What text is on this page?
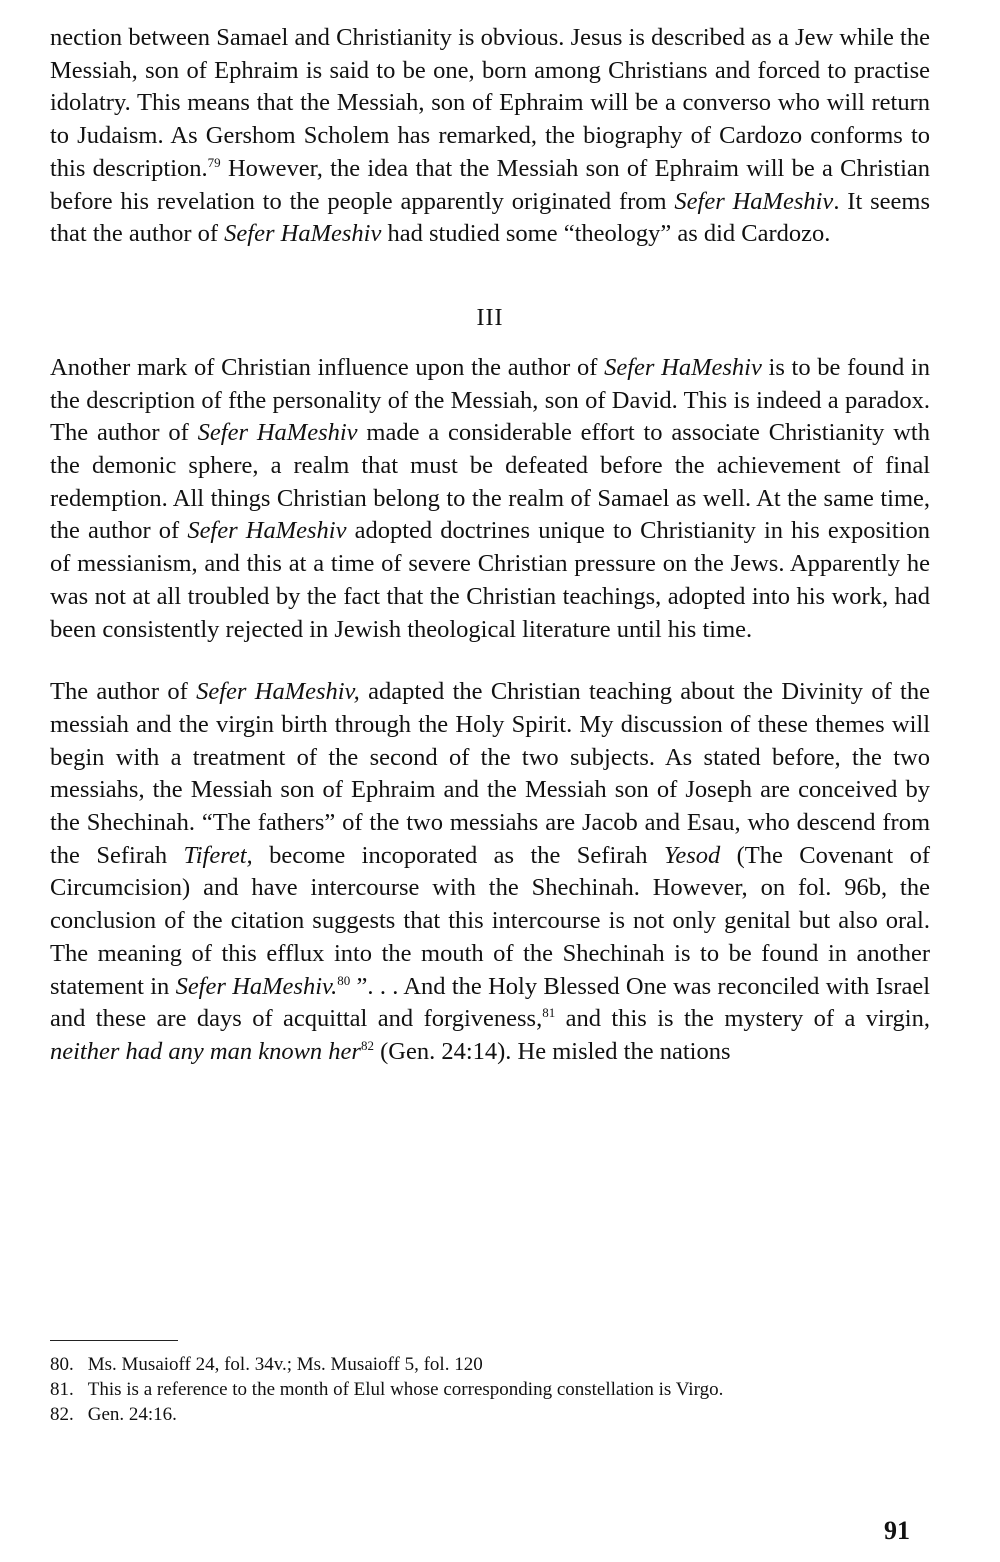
nection between Samael and Christianity is obvious. Jesus is described as a Jew while the Messiah, son of Ephraim is said to be one, born among Christians and forced to practise idolatry. This means that the Messiah, son of Ephraim will be a converso who will return to Judaism. As Gershom Scholem has remarked, the biography of Cardozo conforms to this description.$^{79}$ However, the idea that the Messiah son of Ephraim will be a Christian before his revelation to the people apparently originated from Sefer HaMeshiv. It seems that the author of Sefer HaMeshiv had studied some “theology” as did Cardozo.

III

Another mark of Christian influence upon the author of Sefer HaMeshiv is to be found in the description of fthe personality of the Messiah, son of David. This is indeed a paradox. The author of Sefer HaMeshiv made a considerable effort to associate Christianity wth the demonic sphere, a realm that must be defeated before the achievement of final redemption. All things Christian belong to the realm of Samael as well. At the same time, the author of Sefer HaMeshiv adopted doctrines unique to Christianity in his exposition of messianism, and this at a time of severe Christian pressure on the Jews. Apparently he was not at all troubled by the fact that the Christian teachings, adopted into his work, had been consistently rejected in Jewish theological literature until his time.

The author of Sefer HaMeshiv, adapted the Christian teaching about the Divinity of the messiah and the virgin birth through the Holy Spirit. My discussion of these themes will begin with a treatment of the second of the two subjects. As stated before, the two messiahs, the Messiah son of Ephraim and the Messiah son of Joseph are conceived by the Shechinah. “The fathers” of the two messiahs are Jacob and Esau, who descend from the Sefirah Tiferet, become incoporated as the Sefirah Yesod (The Covenant of Circumcision) and have intercourse with the Shechinah. However, on fol. 96b, the conclusion of the citation suggests that this intercourse is not only genital but also oral. The meaning of this efflux into the mouth of the Shechinah is to be found in another statement in Sefer HaMeshiv.$^{80}$ ”. . . And the Holy Blessed One was reconciled with Israel and these are days of acquittal and forgiveness,$^{81}$ and this is the mystery of a virgin, neither had any man known her$^{82}$ (Gen. 24:14). He misled the nations

80. Ms. Musaioff 24, fol. 34v.; Ms. Musaioff 5, fol. 120

81. This is a reference to the month of Elul whose corresponding constellation is Virgo.

82. Gen. 24:16.

91
